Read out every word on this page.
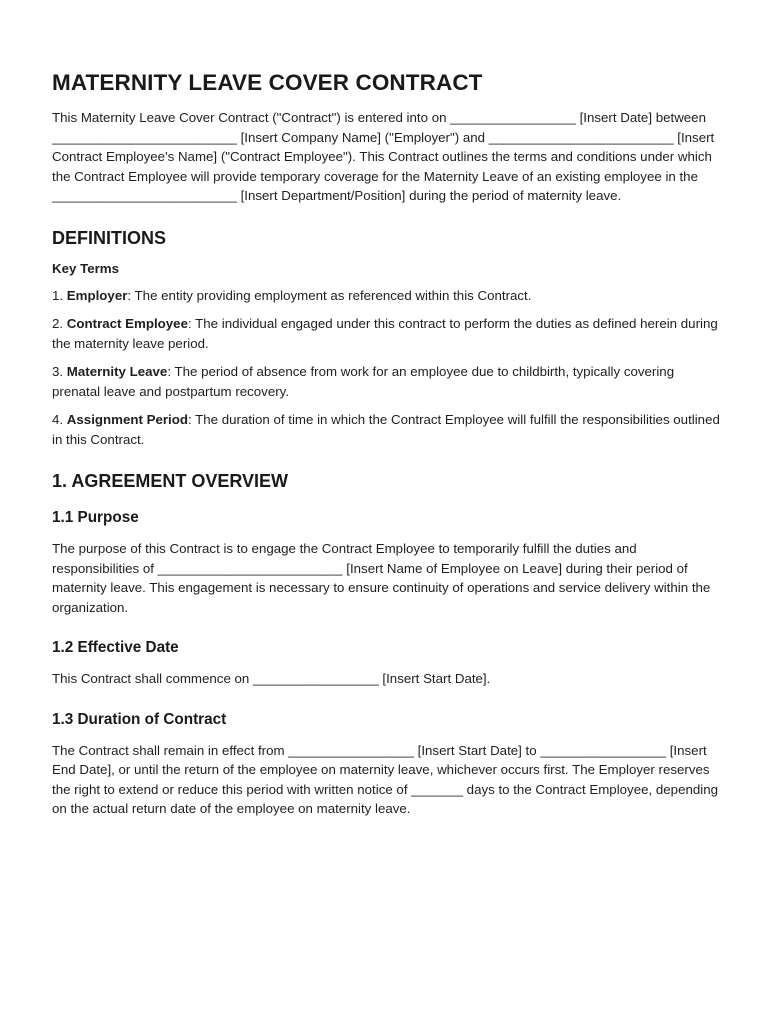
MATERNITY LEAVE COVER CONTRACT

This Maternity Leave Cover Contract ("Contract") is entered into on _________________ [Insert Date] between _________________________ [Insert Company Name] ("Employer") and _________________________ [Insert Contract Employee's Name] ("Contract Employee"). This Contract outlines the terms and conditions under which the Contract Employee will provide temporary coverage for the Maternity Leave of an existing employee in the _________________________ [Insert Department/Position] during the period of maternity leave.

DEFINITIONS
Key Terms

1. Employer: The entity providing employment as referenced within this Contract.

2. Contract Employee: The individual engaged under this contract to perform the duties as defined herein during the maternity leave period.

3. Maternity Leave: The period of absence from work for an employee due to childbirth, typically covering prenatal leave and postpartum recovery.

4. Assignment Period: The duration of time in which the Contract Employee will fulfill the responsibilities outlined in this Contract.

1. AGREEMENT OVERVIEW
1.1 Purpose

The purpose of this Contract is to engage the Contract Employee to temporarily fulfill the duties and responsibilities of _________________________ [Insert Name of Employee on Leave] during their period of maternity leave. This engagement is necessary to ensure continuity of operations and service delivery within the organization.

1.2 Effective Date

This Contract shall commence on _________________ [Insert Start Date].

1.3 Duration of Contract

The Contract shall remain in effect from _________________ [Insert Start Date] to _________________ [Insert End Date], or until the return of the employee on maternity leave, whichever occurs first. The Employer reserves the right to extend or reduce this period with written notice of _______ days to the Contract Employee, depending on the actual return date of the employee on maternity leave.
